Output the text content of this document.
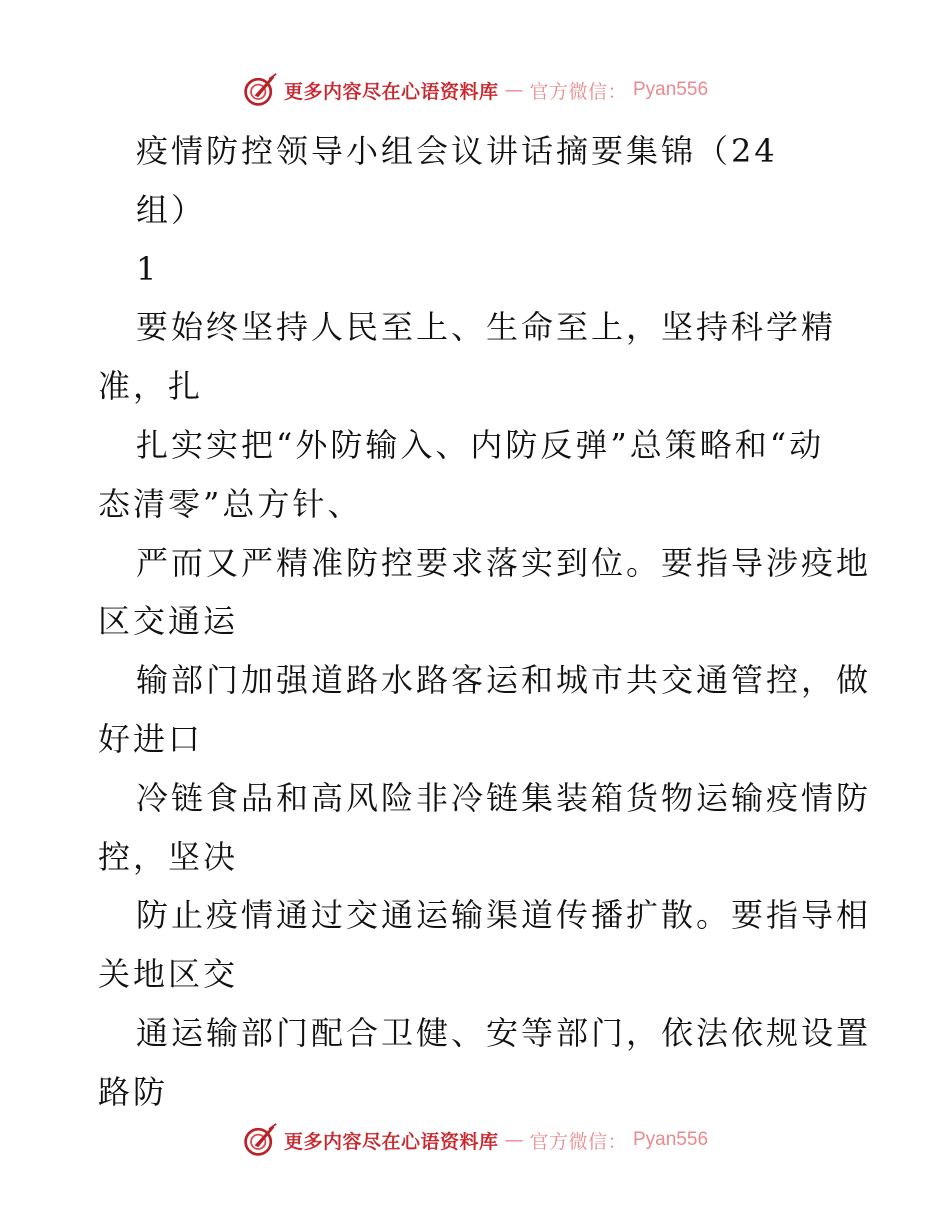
更多内容尽在心语资料库 — 官方微信： Pyan556
疫情防控领导小组会议讲话摘要集锦（24
组）
1
要始终坚持人民至上、生命至上，坚持科学精
准，扎
扎实实把“外防输入、内防反弹”总策略和“动
态清零”总方针、
严而又严精准防控要求落实到位。要指导涉疫地
区交通运
输部门加强道路水路客运和城市共交通管控，做
好进口
冷链食品和高风险非冷链集装箱货物运输疫情防
控，坚决
防止疫情通过交通运输渠道传播扩散。要指导相
关地区交
通运输部门配合卫健、安等部门，依法依规设置
路防
更多内容尽在心语资料库 — 官方微信： Pyan556
